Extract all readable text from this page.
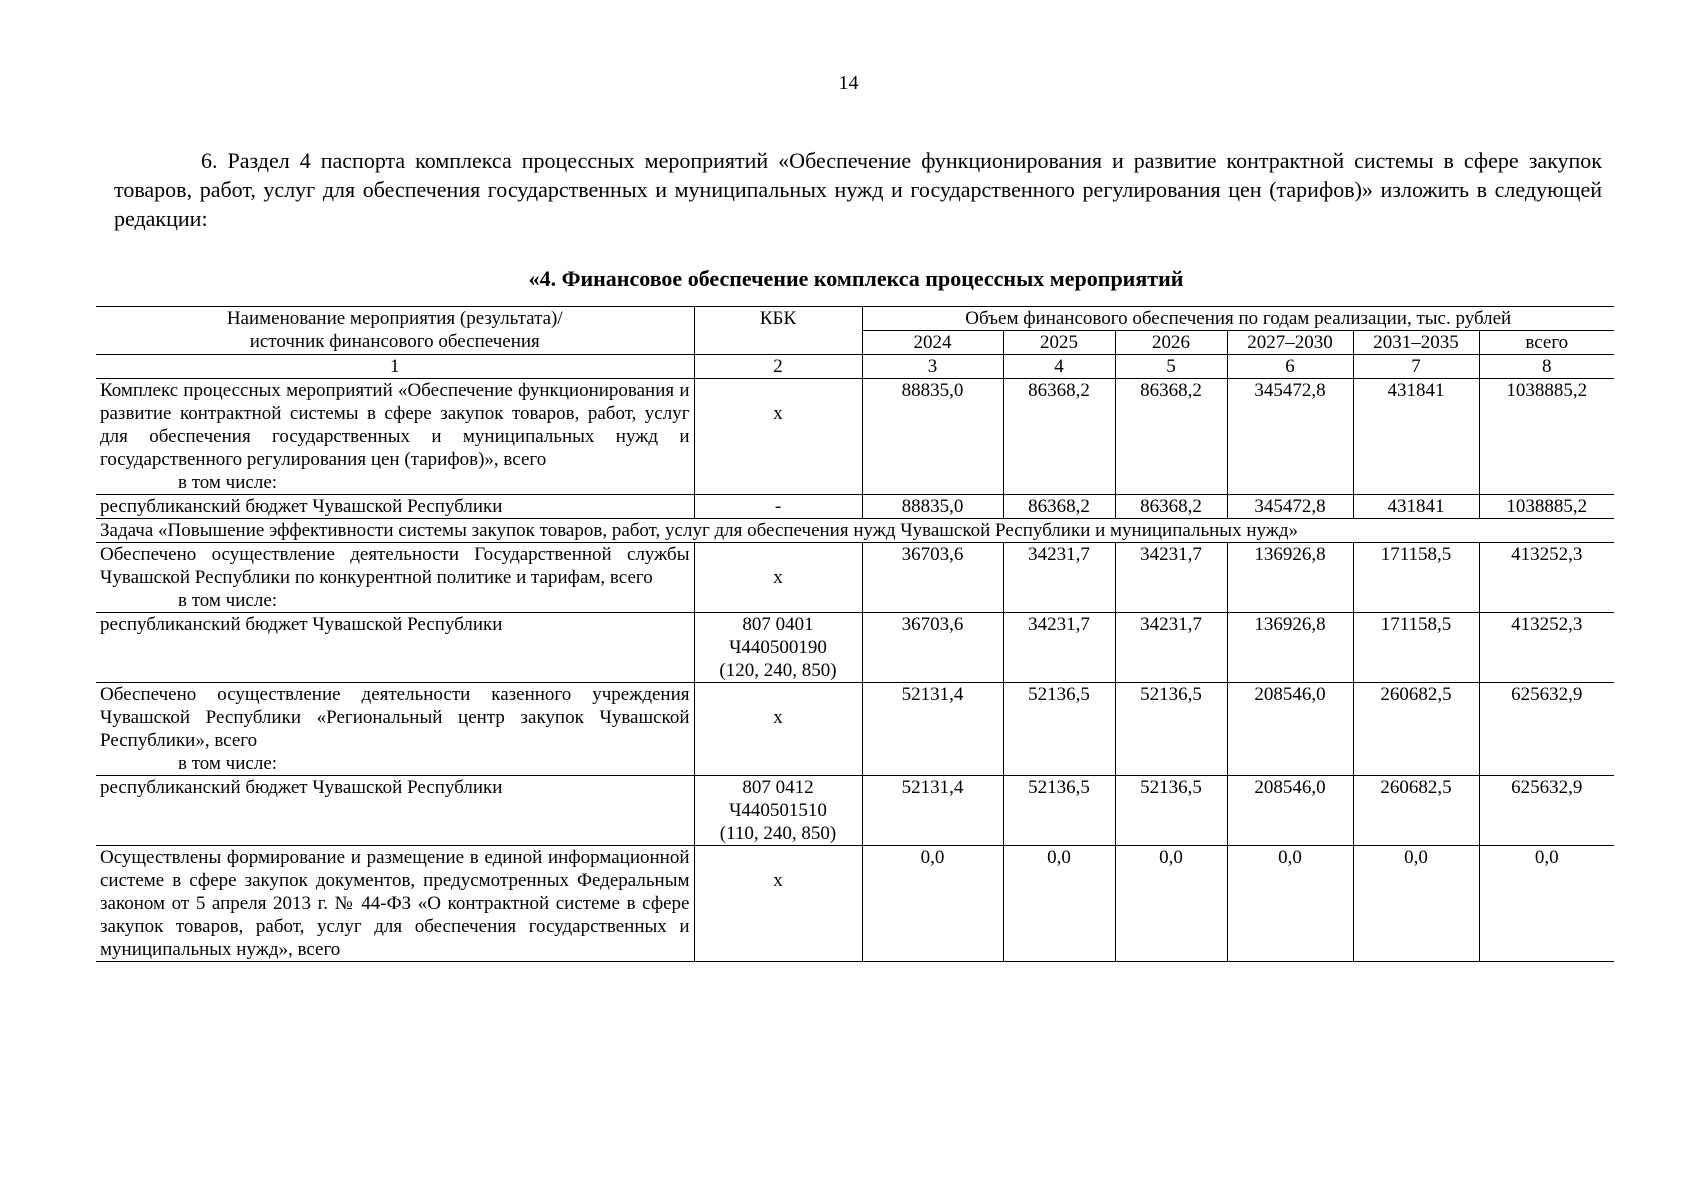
14

6. Раздел 4 паспорта комплекса процессных мероприятий «Обеспечение функционирования и развитие контрактной системы в сфере закупок товаров, работ, услуг для обеспечения государственных и муниципальных нужд и государственного регулирования цен (тарифов)» изложить в следующей редакции:

«4. Финансовое обеспечение комплекса процессных мероприятий
Наименование мероприятия (результата)/
источник финансового обеспечения	КБК	Объем финансового обеспечения по годам реализации, тыс. рублей					
		2024	2025	2026	2027–2030	2031–2035	всего
1	2	3	4	5	6	7	8
Комплекс процессных мероприятий «Обеспечение функционирования и развитие контрактной системы в сфере закупок товаров, работ, услуг для обеспечения государственных и муниципальных нужд и государственного регулирования цен (тарифов)», всего
в том числе:	x	88835,0	86368,2	86368,2	345472,8	431841	1038885,2
республиканский бюджет Чувашской Республики	-	88835,0	86368,2	86368,2	345472,8	431841	1038885,2
Задача «Повышение эффективности системы закупок товаров, работ, услуг для обеспечения нужд Чувашской Республики и муниципальных нужд»							
Обеспечено осуществление деятельности Государственной службы Чувашской Республики по конкурентной политике и тарифам, всего
в том числе:	x	36703,6	34231,7	34231,7	136926,8	171158,5	413252,3
республиканский бюджет Чувашской Республики	807 0401
Ч440500190
(120, 240, 850)	36703,6	34231,7	34231,7	136926,8	171158,5	413252,3
Обеспечено осуществление деятельности казенного учреждения Чувашской Республики «Региональный центр закупок Чувашской Республики», всего
в том числе:	x	52131,4	52136,5	52136,5	208546,0	260682,5	625632,9
республиканский бюджет Чувашской Республики	807 0412
Ч440501510
(110, 240, 850)	52131,4	52136,5	52136,5	208546,0	260682,5	625632,9
Осуществлены формирование и размещение в единой информационной системе в сфере закупок документов, предусмотренных Федеральным законом от 5 апреля 2013 г. № 44-ФЗ «О контрактной системе в сфере закупок товаров, работ, услуг для обеспечения государственных и муниципальных нужд», всего	x	0,0	0,0	0,0	0,0	0,0	0,0
